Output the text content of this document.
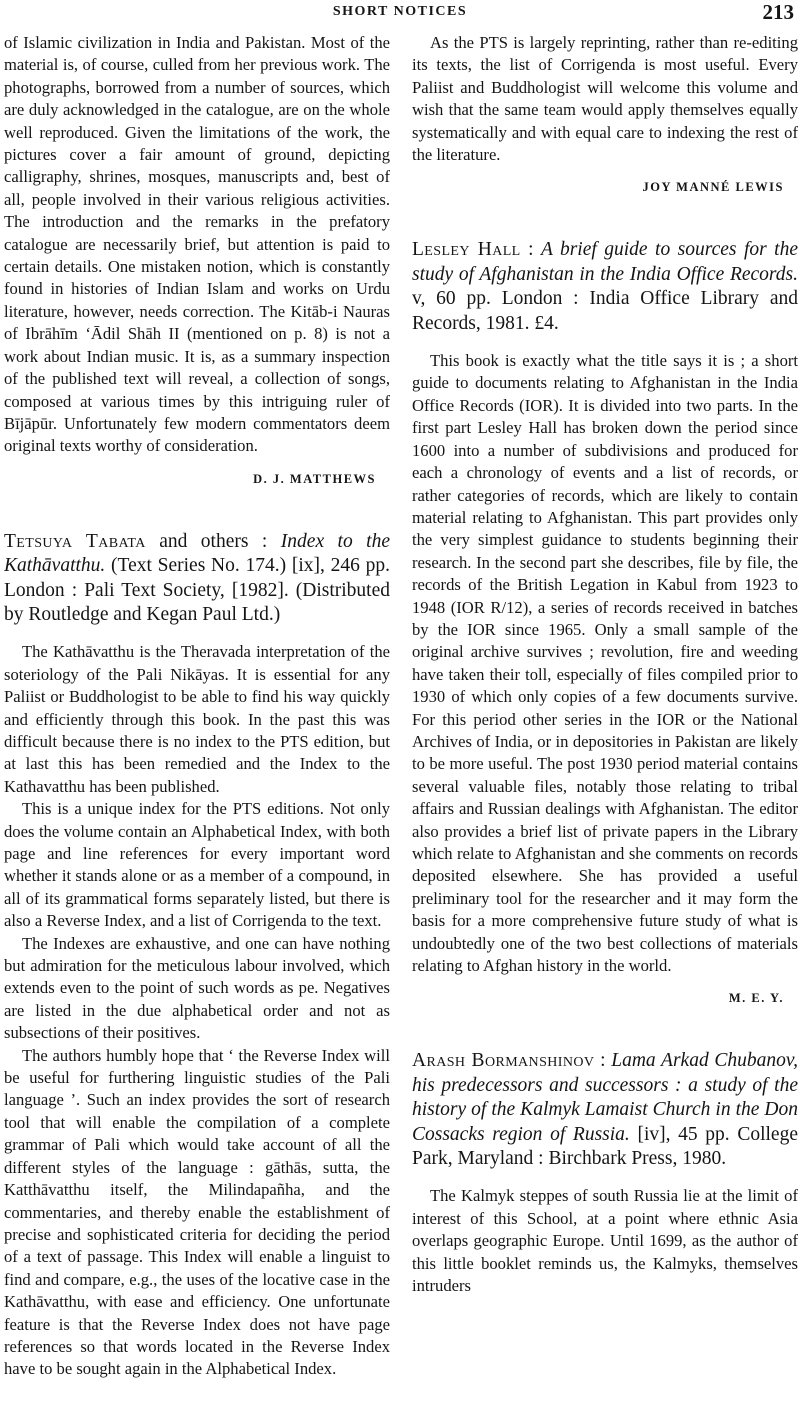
SHORT NOTICES	213

of Islamic civilization in India and Pakistan. Most of the material is, of course, culled from her previous work. The photographs, borrowed from a number of sources, which are duly acknowledged in the catalogue, are on the whole well reproduced. Given the limitations of the work, the pictures cover a fair amount of ground, depicting calligraphy, shrines, mosques, manuscripts and, best of all, people involved in their various religious activities. The introduction and the remarks in the prefatory catalogue are necessarily brief, but attention is paid to certain details. One mistaken notion, which is constantly found in histories of Indian Islam and works on Urdu literature, however, needs correction. The Kitāb-i Nauras of Ibrāhīm ‘Ādil Shāh II (mentioned on p. 8) is not a work about Indian music. It is, as a summary inspection of the published text will reveal, a collection of songs, composed at various times by this intriguing ruler of Bījāpūr. Unfortunately few modern commentators deem original texts worthy of consideration.

D. J. MATTHEWS
Tetsuya Tabata and others : Index to the Kathāvatthu. (Text Series No. 174.) [ix], 246 pp. London : Pali Text Society, [1982]. (Distributed by Routledge and Kegan Paul Ltd.)

The Kathāvatthu is the Theravada interpretation of the soteriology of the Pali Nikāyas. It is essential for any Paliist or Buddhologist to be able to find his way quickly and efficiently through this book. In the past this was difficult because there is no index to the PTS edition, but at last this has been remedied and the Index to the Kathavatthu has been published.

This is a unique index for the PTS editions. Not only does the volume contain an Alphabetical Index, with both page and line references for every important word whether it stands alone or as a member of a compound, in all of its grammatical forms separately listed, but there is also a Reverse Index, and a list of Corrigenda to the text.

The Indexes are exhaustive, and one can have nothing but admiration for the meticulous labour involved, which extends even to the point of such words as pe. Negatives are listed in the due alphabetical order and not as subsections of their positives.

The authors humbly hope that ‘ the Reverse Index will be useful for furthering linguistic studies of the Pali language ’. Such an index provides the sort of research tool that will enable the compilation of a complete grammar of Pali which would take account of all the different styles of the language : gāthās, sutta, the Katthāvatthu itself, the Milindapañha, and the commentaries, and thereby enable the establishment of precise and sophisticated criteria for deciding the period of a text of passage. This Index will enable a linguist to find and compare, e.g., the uses of the locative case in the Kathāvatthu, with ease and efficiency. One unfortunate feature is that the Reverse Index does not have page references so that words located in the Reverse Index have to be sought again in the Alphabetical Index.

As the PTS is largely reprinting, rather than re-editing its texts, the list of Corrigenda is most useful. Every Paliist and Buddhologist will welcome this volume and wish that the same team would apply themselves equally systematically and with equal care to indexing the rest of the literature.

JOY MANNÉ LEWIS
Lesley Hall : A brief guide to sources for the study of Afghanistan in the India Office Records. v, 60 pp. London : India Office Library and Records, 1981. £4.

This book is exactly what the title says it is ; a short guide to documents relating to Afghanistan in the India Office Records (IOR). It is divided into two parts. In the first part Lesley Hall has broken down the period since 1600 into a number of subdivisions and produced for each a chronology of events and a list of records, or rather categories of records, which are likely to contain material relating to Afghanistan. This part provides only the very simplest guidance to students beginning their research. In the second part she describes, file by file, the records of the British Legation in Kabul from 1923 to 1948 (IOR R/12), a series of records received in batches by the IOR since 1965. Only a small sample of the original archive survives ; revolution, fire and weeding have taken their toll, especially of files compiled prior to 1930 of which only copies of a few documents survive. For this period other series in the IOR or the National Archives of India, or in depositories in Pakistan are likely to be more useful. The post 1930 period material contains several valuable files, notably those relating to tribal affairs and Russian dealings with Afghanistan. The editor also provides a brief list of private papers in the Library which relate to Afghanistan and she comments on records deposited elsewhere. She has provided a useful preliminary tool for the researcher and it may form the basis for a more comprehensive future study of what is undoubtedly one of the two best collections of materials relating to Afghan history in the world.

M. E. Y.
Arash Bormanshinov : Lama Arkad Chubanov, his predecessors and successors : a study of the history of the Kalmyk Lamaist Church in the Don Cossacks region of Russia. [iv], 45 pp. College Park, Maryland : Birchbark Press, 1980.

The Kalmyk steppes of south Russia lie at the limit of interest of this School, at a point where ethnic Asia overlaps geographic Europe. Until 1699, as the author of this little booklet reminds us, the Kalmyks, themselves intruders
